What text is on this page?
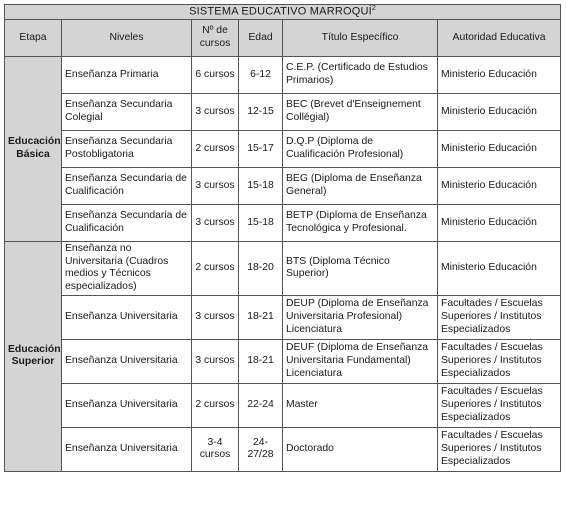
SISTEMA EDUCATIVO MARROQUÍ$^2$
Etapa	Niveles	Nº de cursos	Edad	Título Específico	Autoridad Educativa
Educación Básica	Enseñanza Primaria	6 cursos	6-12	C.E.P. (Certificado de Estudios Primarios)	Ministerio Educación
	Enseñanza Secundaria Colegial	3 cursos	12-15	BEC (Brevet d'Enseignement Collégial)	Ministerio Educación
	Enseñanza Secundaria Postobligatoria	2 cursos	15-17	D.Q.P (Diploma de Cualificación Profesional)	Ministerio Educación
	Enseñanza Secundaria de Cualificación	3 cursos	15-18	BEG (Diploma de Enseñanza General)	Ministerio Educación
	Enseñanza Secundaria de Cualificación	3 cursos	15-18	BETP (Diploma de Enseñanza Tecnológica y Profesional.	Ministerio Educación
Educación Superior	Enseñanza no Universitaria (Cuadros medios y Técnicos especializados)	2 cursos	18-20	BTS (Diploma Técnico Superior)	Ministerio Educación
	Enseñanza Universitaria	3 cursos	18-21	DEUP (Diploma de Enseñanza Universitaria Profesional) Licenciatura	Facultades / Escuelas Superiores / Institutos Especializados
	Enseñanza Universitaria	3 cursos	18-21	DEUF (Diploma de Enseñanza Universitaria Fundamental) Licenciatura	Facultades / Escuelas Superiores / Institutos Especializados
	Enseñanza Universitaria	2 cursos	22-24	Master	Facultades / Escuelas Superiores / Institutos Especializados
	Enseñanza Universitaria	3-4 cursos	24-27/28	Doctorado	Facultades / Escuelas Superiores / Institutos Especializados
